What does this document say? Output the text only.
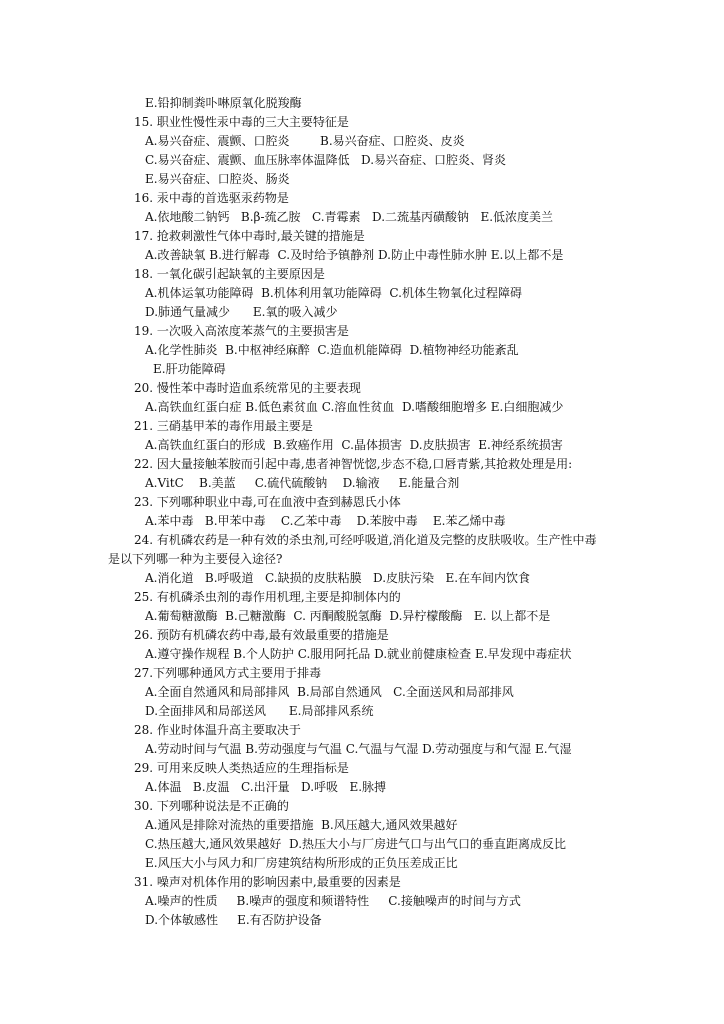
E.铅抑制粪卟啉原氧化脱羧酶
15. 职业性慢性汞中毒的三大主要特征是
A.易兴奋症、震颤、口腔炎        B.易兴奋症、口腔炎、皮炎
C.易兴奋症、震颤、血压脉率体温降低   D.易兴奋症、口腔炎、肾炎
E.易兴奋症、口腔炎、肠炎
16. 汞中毒的首选驱汞药物是
A.依地酸二钠钙   B.β-巯乙胺   C.青霉素   D.二巯基丙磺酸钠   E.低浓度美兰
17. 抢救刺激性气体中毒时,最关键的措施是
A.改善缺氧 B.进行解毒  C.及时给予镇静剂 D.防止中毒性肺水肿 E.以上都不是
18. 一氧化碳引起缺氧的主要原因是
A.机体运氧功能障碍  B.机体利用氧功能障碍  C.机体生物氧化过程障碍
D.肺通气量减少      E.氧的吸入减少
19. 一次吸入高浓度苯蒸气的主要损害是
A.化学性肺炎  B.中枢神经麻醉  C.造血机能障碍  D.植物神经功能紊乱
E.肝功能障碍
20. 慢性苯中毒时造血系统常见的主要表现
A.高铁血红蛋白症 B.低色素贫血 C.溶血性贫血  D.嗜酸细胞增多 E.白细胞减少
21. 三硝基甲苯的毒作用最主要是
A.高铁血红蛋白的形成  B.致癌作用  C.晶体损害  D.皮肤损害  E.神经系统损害
22. 因大量接触苯胺而引起中毒,患者神智恍惚,步态不稳,口唇青紫,其抢救处理是用:
A.VitC    B.美蓝     C.硫代硫酸钠    D.输液     E.能量合剂
23. 下列哪种职业中毒,可在血液中查到赫恩氏小体
A.苯中毒   B.甲苯中毒    C.乙苯中毒    D.苯胺中毒    E.苯乙烯中毒
24. 有机磷农药是一种有效的杀虫剂,可经呼吸道,消化道及完整的皮肤吸收。生产性中毒
是以下列哪一种为主要侵入途径?
A.消化道   B.呼吸道   C.缺损的皮肤粘膜   D.皮肤污染   E.在车间内饮食
25. 有机磷杀虫剂的毒作用机理,主要是抑制体内的
A.葡萄糖激酶  B.己糖激酶  C. 丙酮酸脱氢酶  D.异柠檬酸酶   E. 以上都不是
26. 预防有机磷农药中毒,最有效最重要的措施是
A.遵守操作规程 B.个人防护 C.服用阿托品 D.就业前健康检查 E.早发现中毒症状
27.下列哪种通风方式主要用于排毒
A.全面自然通风和局部排风  B.局部自然通风   C.全面送风和局部排风
D.全面排风和局部送风      E.局部排风系统
28. 作业时体温升高主要取决于
A.劳动时间与气温 B.劳动强度与气温 C.气温与气湿 D.劳动强度与和气湿 E.气湿
29. 可用来反映人类热适应的生理指标是
A.体温   B.皮温   C.出汗量   D.呼吸   E.脉搏
30. 下列哪种说法是不正确的
A.通风是排除对流热的重要措施  B.风压越大,通风效果越好
C.热压越大,通风效果越好  D.热压大小与厂房进气口与出气口的垂直距离成反比
E.风压大小与风力和厂房建筑结构所形成的正负压差成正比
31. 噪声对机体作用的影响因素中,最重要的因素是
A.噪声的性质     B.噪声的强度和频谱特性     C.接触噪声的时间与方式
D.个体敏感性     E.有否防护设备
